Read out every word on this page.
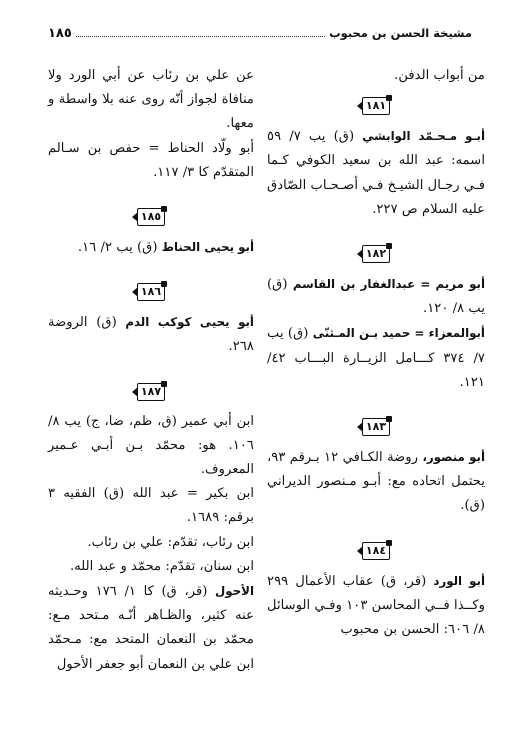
مشيخة الحسن بن محبوب
١٨٥

من أبواب الدفن.

١٨١

أبـو مـحـمّد الوابشي (ق) يب ٧/ ٥٩ اسمه: عبد الله بن سعيد الكوفي كـما فـي رجـال الشيـخ فـي أصـحـاب الصّادق عليه السلام ص ٢٢٧.

١٨٢

أبو مريم = عبدالغفار بن القاسم (ق) يب ٨/ ١٢٠.

أبوالمعزاء = حميد بـن المـثنّى (ق) يب ٧/ ٣٧٤ كـــامل الزيــارة البـــاب ٤٢/ ١٢١.

١٨٣

أبو منصور، روضة الكـافي ١٢ بـرقم ٩٣، يحتمل اتحاده مع: أبـو مـنصور الديراني (ق).

١٨٤

أبو الورد (قر، ق) عقاب الأعمال ٢٩٩ وكــذا فــي المحاسن ١٠٣ وفـي الوسائل ٨/ ٦٠٦: الحسن بن محبوب

عن علي بن رئاب عن أبي الورد ولا منافاة لجواز أنّه روى عنه بلا واسطة و معها.

أبو ولّاد الحناط = حفص بن سـالم المتقدّم كا ٣/ ١١٧.

١٨٥

أبو يحيى الحناط (ق) يب ٢/ ١٦.

١٨٦

أبو يحيى كوكب الدم (ق) الروضة ٢٦٨.

١٨٧

ابن أبي عمير (ق، ظم، ضا، ج) يب ٨/ ١٠٦. هو: محمّد بـن أبـي عـمير المعروف.

ابن بكير = عبد الله (ق) الفقيه ٣ برقم: ١٦٨٩.

ابن رئاب، تقدّم: علي بن رئاب.

ابن سنان، تقدّم: محمّد و عبد الله.

الأحول (قر، ق) كا ١/ ١٧٦ وحـديثه عنه كثير، والظـاهر أنّـه مـتحد مـع: محمّد بن النعمان المتحد مع: مـحمّد ابن علي بن النعمان أبو جعفر الأحول
